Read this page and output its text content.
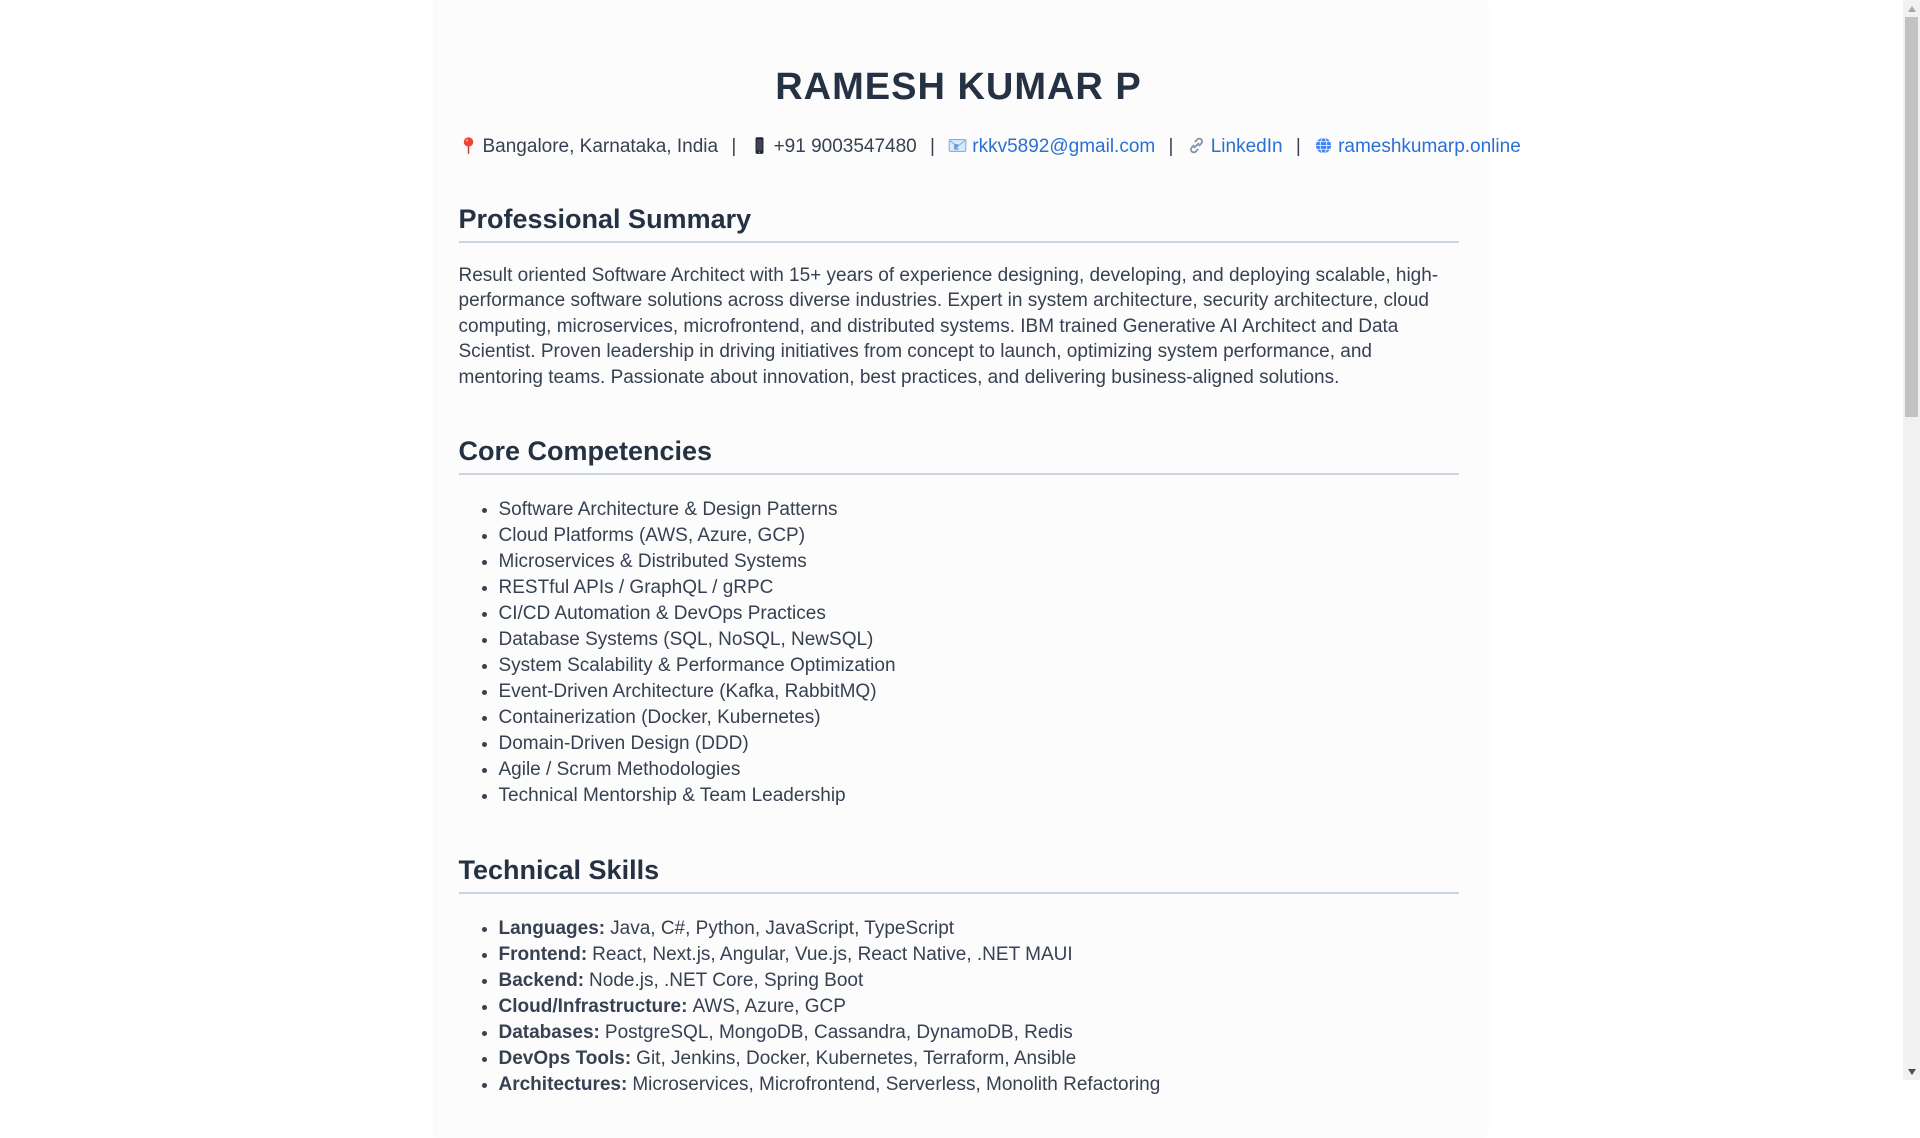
RAMESH KUMAR P
Bangalore, Karnataka, India | +91 9003547480 | E rkkv5892@gmail.com | LinkedIn | rameshkumarp.online
Professional Summary

Result oriented Software Architect with 15+ years of experience designing, developing, and deploying scalable, high-performance software solutions across diverse industries. Expert in system architecture, security architecture, cloud computing, microservices, microfrontend, and distributed systems. IBM trained Generative AI Architect and Data Scientist. Proven leadership in driving initiatives from concept to launch, optimizing system performance, and mentoring teams. Passionate about innovation, best practices, and delivering business-aligned solutions.

Core Competencies
• Software Architecture & Design Patterns
• Cloud Platforms (AWS, Azure, GCP)
• Microservices & Distributed Systems
• RESTful APIs / GraphQL / gRPC
• CI/CD Automation & DevOps Practices
• Database Systems (SQL, NoSQL, NewSQL)
• System Scalability & Performance Optimization
• Event-Driven Architecture (Kafka, RabbitMQ)
• Containerization (Docker, Kubernetes)
• Domain-Driven Design (DDD)
• Agile / Scrum Methodologies
• Technical Mentorship & Team Leadership
Technical Skills
• Languages: Java, C#, Python, JavaScript, TypeScript
• Frontend: React, Next.js, Angular, Vue.js, React Native, .NET MAUI
• Backend: Node.js, .NET Core, Spring Boot
• Cloud/Infrastructure: AWS, Azure, GCP
• Databases: PostgreSQL, MongoDB, Cassandra, DynamoDB, Redis
• DevOps Tools: Git, Jenkins, Docker, Kubernetes, Terraform, Ansible
• Architectures: Microservices, Microfrontend, Serverless, Monolith Refactoring
